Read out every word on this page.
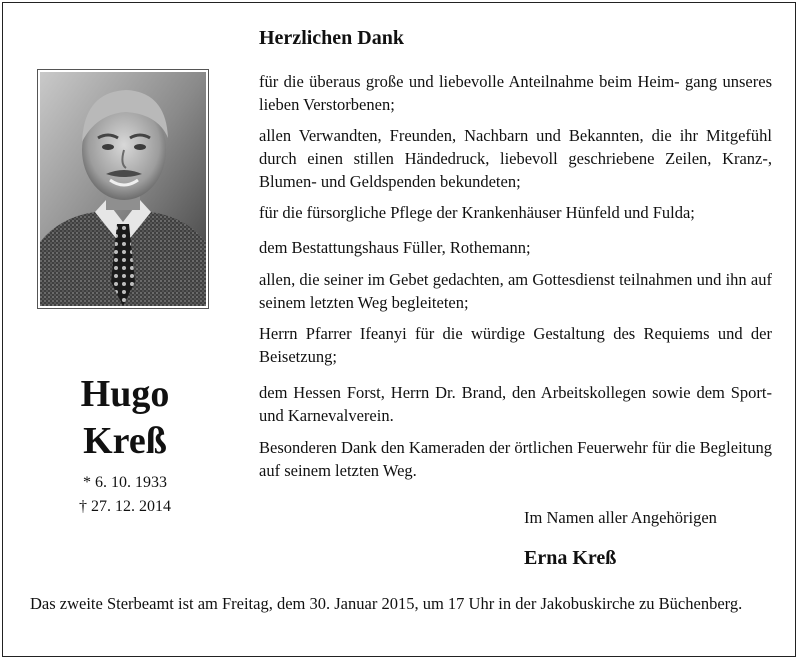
Hugo
Kreß
* 6. 10. 1933
† 27. 12. 2014
Herzlichen Dank
für die überaus große und liebevolle Anteilnahme beim Heim- gang unseres lieben Verstorbenen;
allen Verwandten, Freunden, Nachbarn und Bekannten, die ihr Mitgefühl durch einen stillen Händedruck, liebevoll geschriebene Zeilen, Kranz-, Blumen- und Geldspenden bekundeten;
für die fürsorgliche Pflege der Krankenhäuser Hünfeld und Fulda;
dem Bestattungshaus Füller, Rothemann;
allen, die seiner im Gebet gedachten, am Gottesdienst teilnahmen und ihn auf seinem letzten Weg begleiteten;
Herrn Pfarrer Ifeanyi für die würdige Gestaltung des Requiems und der Beisetzung;
dem Hessen Forst, Herrn Dr. Brand, den Arbeitskollegen sowie dem Sport- und Karnevalverein.
Besonderen Dank den Kameraden der örtlichen Feuerwehr für die Begleitung auf seinem letzten Weg.
Im Namen aller Angehörigen
Erna Kreß
Das zweite Sterbeamt ist am Freitag, dem 30. Januar 2015, um 17 Uhr in der Jakobuskirche zu Büchenberg.
